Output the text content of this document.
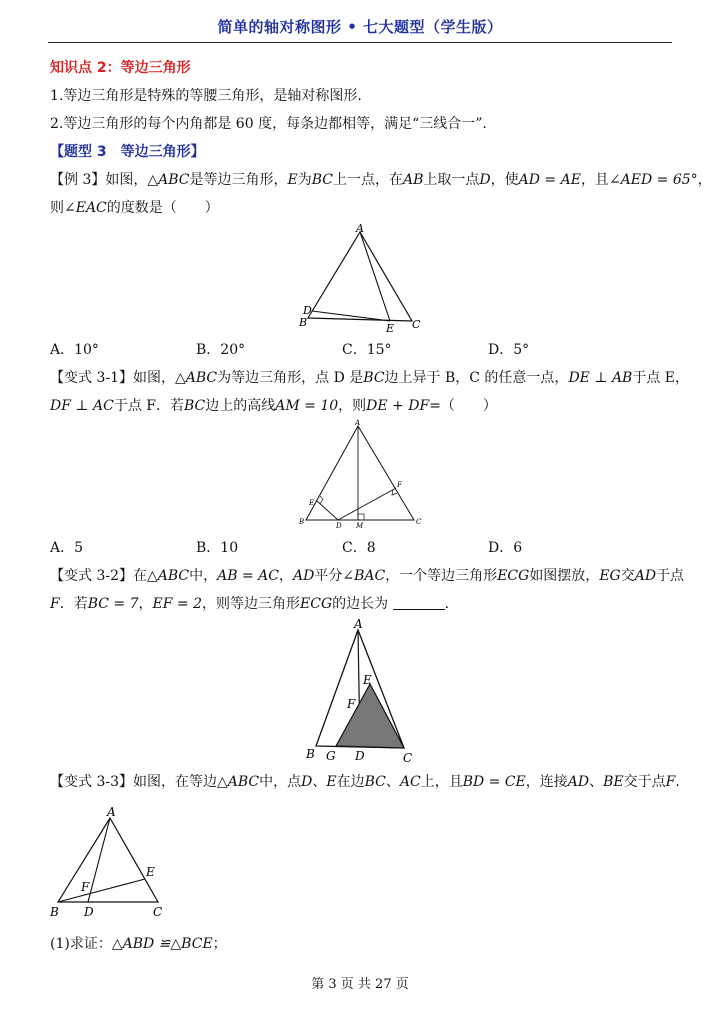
简单的轴对称图形 • 七大题型（学生版）
知识点 2：等边三角形
1.等边三角形是特殊的等腰三角形，是轴对称图形.
2.等边三角形的每个内角都是 60 度，每条边都相等，满足“三线合一”.
【题型 3　等边三角形】
【例 3】如图，△ABC是等边三角形，E为BC上一点，在AB上取一点D，使AD = AE，且∠AED = 65°，
则∠EAC的度数是（　　）
A
B
D
E C
A．10°	B．20°	C．15°	D．5°
【变式 3-1】如图，△ABC为等边三角形，点 D 是BC边上异于 B，C 的任意一点，DE ⊥ AB于点 E，
DF ⊥ AC于点 F．若BC边上的高线AM = 10，则DE + DF=（　　）
A
B	C
D M
E
F
A．5	B．10	C．8	D．6
【变式 3-2】在△ABC中，AB = AC，AD平分∠BAC，一个等边三角形ECG如图摆放，EG交AD于点
F．若BC = 7，EF = 2，则等边三角形ECG的边长为	.
A
B G D	C
E
F
【变式 3-3】如图，在等边△ABC中，点D、E在边BC、AC上，且BD = CE，连接AD、BE交于点F.
A
B D	C
E
F
(1)求证：△ABD ≌△BCE；
第 3 页 共 27 页
